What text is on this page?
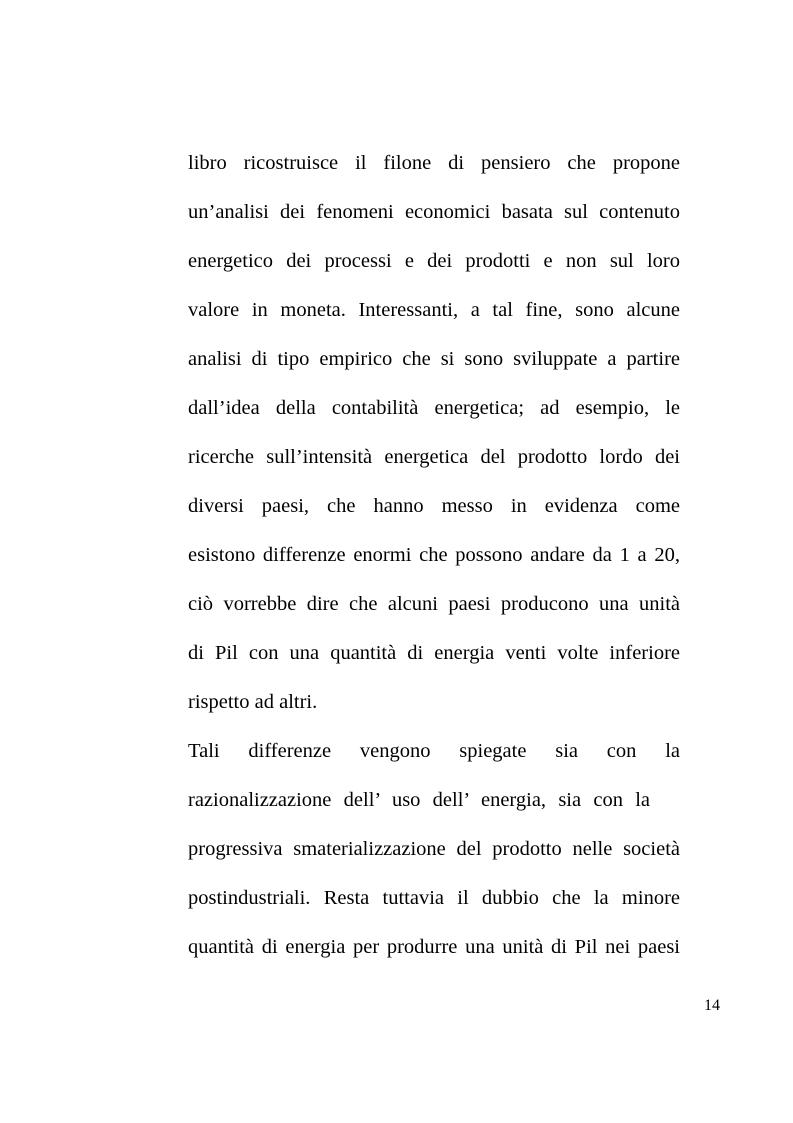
libro ricostruisce il filone di pensiero che propone
un’analisi dei fenomeni economici basata sul contenuto
energetico dei processi e dei prodotti e non sul loro
valore in moneta. Interessanti, a tal fine, sono alcune
analisi di tipo empirico che si sono sviluppate a partire
dall’idea della contabilità energetica; ad esempio, le
ricerche sull’intensità energetica del prodotto lordo dei
diversi paesi, che hanno messo in evidenza come
esistono differenze enormi che possono andare da 1 a 20,
ciò vorrebbe dire che alcuni paesi producono una unità
di Pil con una quantità di energia venti volte inferiore
rispetto ad altri.
Tali differenze vengono spiegate sia con la
razionalizzazione dell’ uso dell’ energia, sia con la
progressiva smaterializzazione del prodotto nelle società
postindustriali. Resta tuttavia il dubbio che la minore
quantità di energia per produrre una unità di Pil nei paesi
14
